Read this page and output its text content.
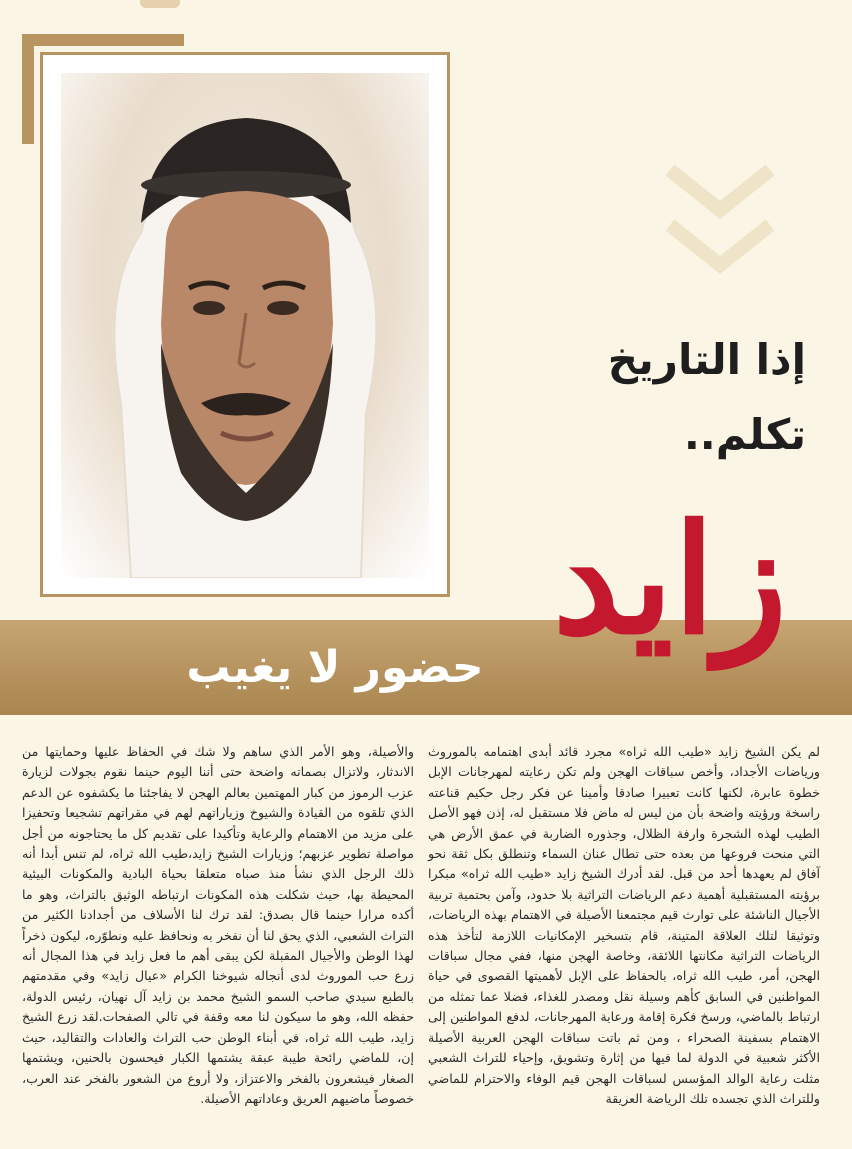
إذا التاريخ
تكلم..
حضور لا يغيب زايد
لم يكن الشيخ زايد «طيب الله ثراه» مجرد قائد أبدى اهتمامه بالموروث ورياضات الأجداد، وأخص سباقات الهجن ولم تكن رعايته لمهرجانات الإبل خطوة عابرة، لكنها كانت تعبيرا صادقا وأمينا عن فكر رجل حكيم قناعته راسخة ورؤيته واضحة بأن من ليس له ماض فلا مستقبل له، إذن فهو الأصل الطيب لهذه الشجرة وارفة الظلال، وجذوره الضاربة في عمق الأرض هي التي منحت فروعها من بعده حتى تطال عنان السماء وتنطلق بكل ثقة نحو آفاق لم يعهدها أحد من قبل. لقد أدرك الشيخ زايد «طيب الله ثراه» مبكرا برؤيته المستقبلية أهمية دعم الرياضات التراثية بلا حدود، وآمن بحتمية تربية الأجيال الناشئة على توارث قيم مجتمعنا الأصيلة في الاهتمام بهذه الرياضات، وتوثيقا لتلك العلاقة المتينة، قام بتسخير الإمكانيات اللازمة لتأخذ هذه الرياضات التراثية مكانتها اللائقة، وخاصة الهجن منها، ففي مجال سباقات الهجن، أمر، طيب الله ثراه، بالحفاظ على الإبل لأهميتها القصوى في حياة المواطنين في السابق كأهم وسيلة نقل ومصدر للغذاء، فضلا عما تمثله من ارتباط بالماضي، ورسخ فكرة إقامة ورعاية المهرجانات، لدفع المواطنين إلى الاهتمام بسفينة الصحراء ، ومن ثم باتت سباقات الهجن العربية الأصيلة الأكثر شعبية في الدولة لما فيها من إثارة وتشويق، وإحياء للتراث الشعبي مثلت رعاية الوالد المؤسس لسباقات الهجن قيم الوفاء والاحترام للماضي وللتراث الذي تجسده تلك الرياضة العريقة
والأصيلة، وهو الأمر الذي ساهم ولا شك في الحفاظ عليها وحمايتها من الاندثار، ولاتزال بصماته واضحة حتى أننا اليوم حينما نقوم بجولات لزيارة عزب الرموز من كبار المهتمين بعالم الهجن لا يفاجئنا ما يكشفوه عن الدعم الذي تلقوه من القيادة والشيوخ وزياراتهم لهم في مقراتهم تشجيعا وتحفيزا على مزيد من الاهتمام والرعاية وتأكيدا على تقديم كل ما يحتاجونه من أجل مواصلة تطوير عزبهم؛ وزيارات الشيخ زايد،طيب الله ثراه، لم تنس أبدا أنه ذلك الرجل الذي نشأ منذ صباه متعلقا بحياة البادية والمكونات البيئية المحيطة بها، حيث شكلت هذه المكونات ارتباطه الوثيق بالتراث، وهو ما أكده مرارا حينما قال بصدق: لقد ترك لنا الأسلاف من أجدادنا الكثير من التراث الشعبي، الذي يحق لنا أن نفخر به ونحافظ عليه ونطوّره، ليكون ذخراً لهذا الوطن والأجيال المقبلة لكن يبقى أهم ما فعل زايد في هذا المجال أنه زرع حب الموروث لدى أنجاله شيوخنا الكرام «عيال زايد» وفي مقدمتهم بالطبع سيدي صاحب السمو الشيخ محمد بن زايد آل نهيان، رئيس الدولة، حفظه الله، وهو ما سيكون لنا معه وقفة في تالي الصفحات.لقد زرع الشيخ زايد، طيب الله ثراه، في أبناء الوطن حب التراث والعادات والتقاليد، حيث إن، للماضي رائحة طيبة عبقة يشتمها الكبار فيحسون بالحنين، ويشتمها الصغار فيشعرون بالفخر والاعتزاز، ولا أروع من الشعور بالفخر عند العرب، خصوصاً ماضيهم العريق وعاداتهم الأصيلة.
